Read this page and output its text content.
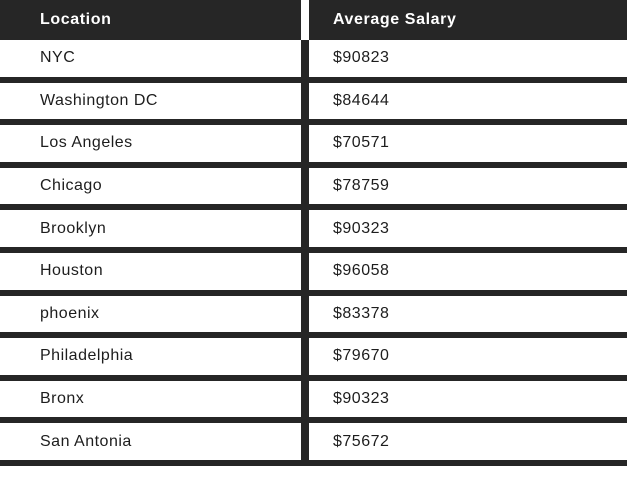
Location	Average Salary
NYC	$90823
Washington DC	$84644
Los Angeles	$70571
Chicago	$78759
Brooklyn	$90323
Houston	$96058
phoenix	$83378
Philadelphia	$79670
Bronx	$90323
San Antonia	$75672
